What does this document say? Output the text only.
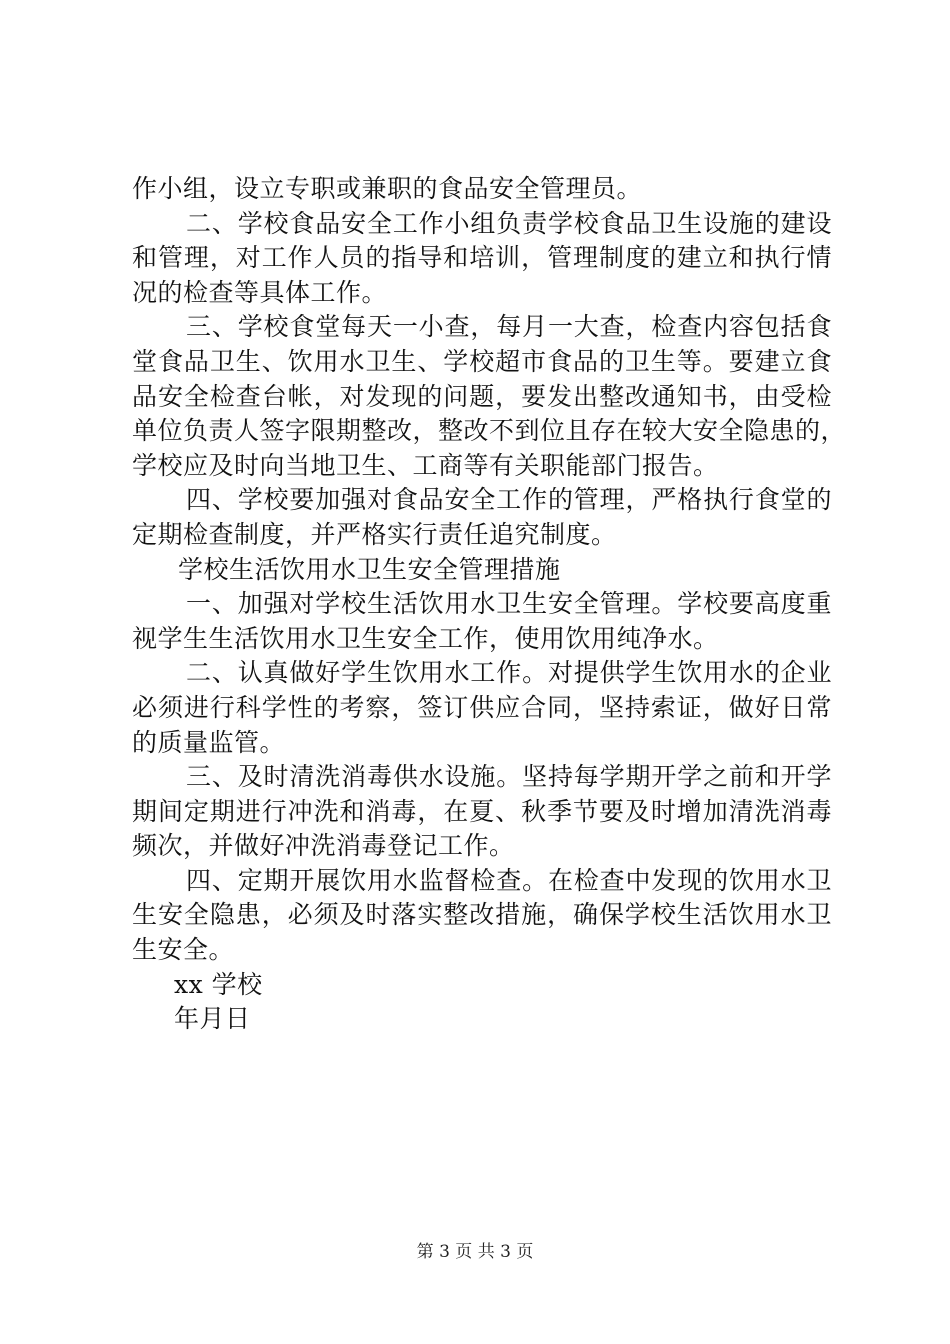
作小组，设立专职或兼职的食品安全管理员。
二、学校食品安全工作小组负责学校食品卫生设施的建设
和管理，对工作人员的指导和培训，管理制度的建立和执行情
况的检查等具体工作。
三、学校食堂每天一小查，每月一大查，检查内容包括食
堂食品卫生、饮用水卫生、学校超市食品的卫生等。要建立食
品安全检查台帐，对发现的问题，要发出整改通知书，由受检
单位负责人签字限期整改，整改不到位且存在较大安全隐患的，
学校应及时向当地卫生、工商等有关职能部门报告。
四、学校要加强对食品安全工作的管理，严格执行食堂的
定期检查制度，并严格实行责任追究制度。
学校生活饮用水卫生安全管理措施
一、加强对学校生活饮用水卫生安全管理。学校要高度重
视学生生活饮用水卫生安全工作，使用饮用纯净水。
二、认真做好学生饮用水工作。对提供学生饮用水的企业
必须进行科学性的考察，签订供应合同，坚持索证，做好日常
的质量监管。
三、及时清洗消毒供水设施。坚持每学期开学之前和开学
期间定期进行冲洗和消毒，在夏、秋季节要及时增加清洗消毒
频次，并做好冲洗消毒登记工作。
四、定期开展饮用水监督检查。在检查中发现的饮用水卫
生安全隐患，必须及时落实整改措施，确保学校生活饮用水卫
生安全。
xx 学校
年月日
第 3 页 共 3 页
